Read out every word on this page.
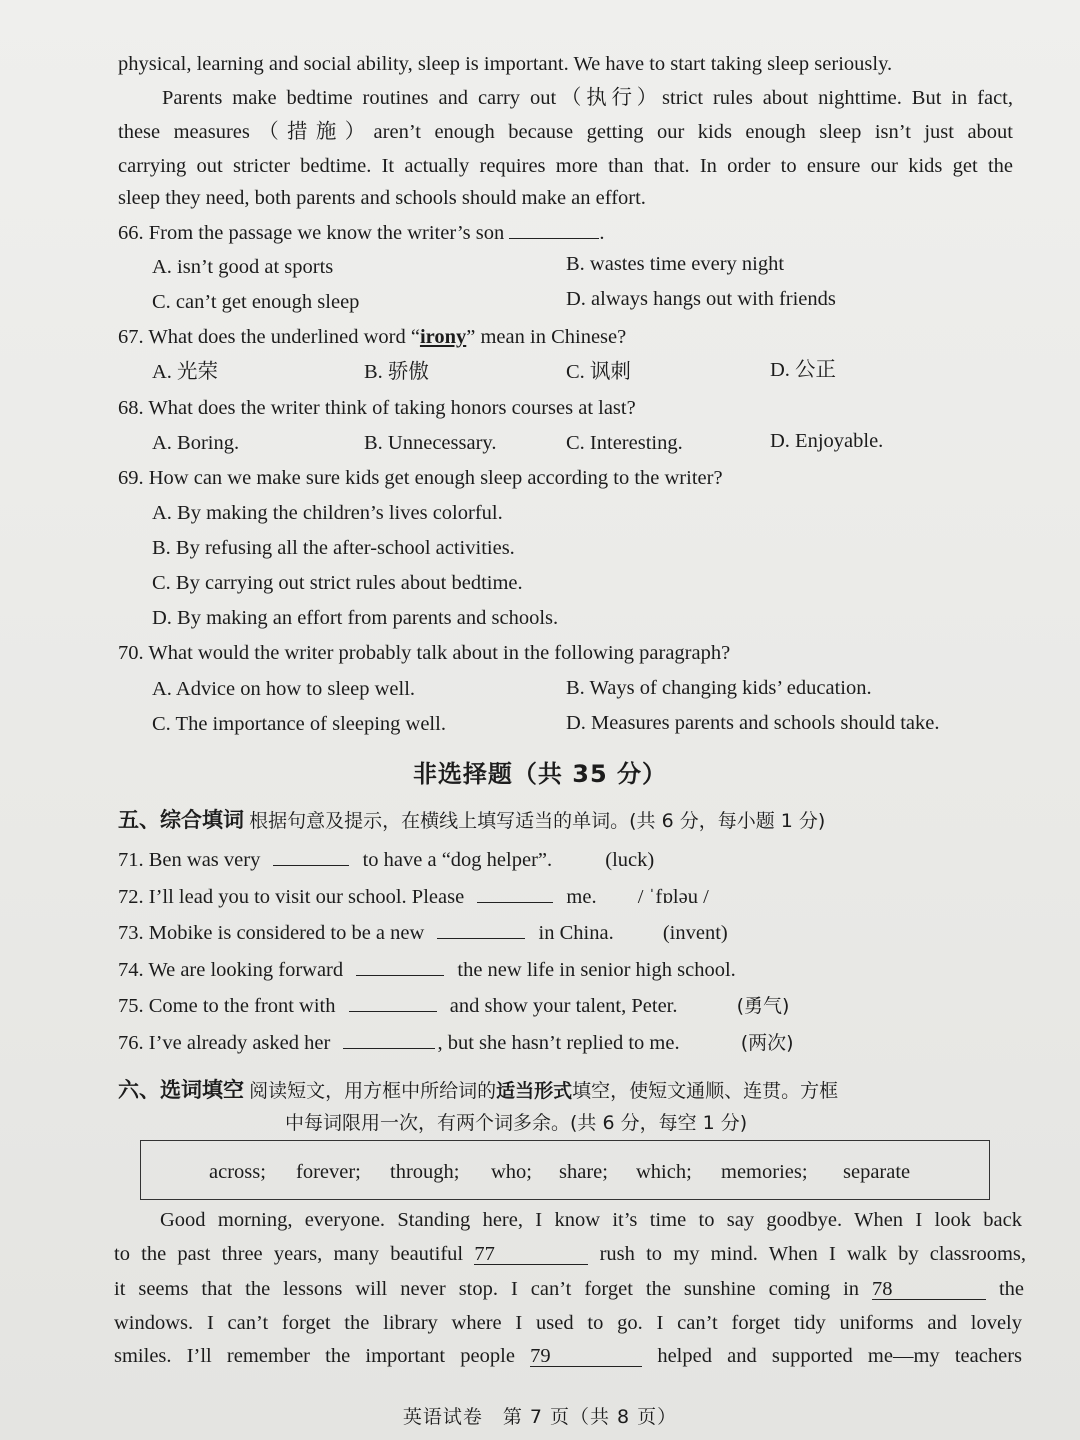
physical, learning and social ability, sleep is important. We have to start taking sleep seriously.
Parents make bedtime routines and carry out（执行）strict rules about nighttime. But in fact,
these measures（措施）aren’t enough because getting our kids enough sleep isn’t just about
carrying out stricter bedtime. It actually requires more than that. In order to ensure our kids get the
sleep they need, both parents and schools should make an effort.
66. From the passage we know the writer’s son	.
A. isn’t good at sports	B. wastes time every night
C. can’t get enough sleep	D. always hangs out with friends
67. What does the underlined word “irony” mean in Chinese?
A. 光荣	B. 骄傲	C. 讽刺	D. 公正
68. What does the writer think of taking honors courses at last?
A. Boring.	B. Unnecessary.	C. Interesting.	D. Enjoyable.
69. How can we make sure kids get enough sleep according to the writer?
A. By making the children’s lives colorful.
B. By refusing all the after-school activities.
C. By carrying out strict rules about bedtime.
D. By making an effort from parents and schools.
70. What would the writer probably talk about in the following paragraph?
A. Advice on how to sleep well.	B. Ways of changing kids’ education.
C. The importance of sleeping well.	D. Measures parents and schools should take.
非选择题（共 35 分）
五、综合填词 根据句意及提示，在横线上填写适当的单词。(共 6 分，每小题 1 分)
71. Ben was very	to have a “dog helper”.	(luck)
72. I’ll lead you to visit our school. Please	me. / ˈfɒləu /
73. Mobike is considered to be a new	in China. (invent)
74. We are looking forward	the new life in senior high school.
75. Come to the front with	and show your talent, Peter.	(勇气)
76. I’ve already asked her	, but she hasn’t replied to me.	(两次)
六、选词填空 阅读短文，用方框中所给词的适当形式填空，使短文通顺、连贯。方框
中每词限用一次，有两个词多余。(共 6 分，每空 1 分)
across; forever; through; who; share; which; memories; separate
Good morning, everyone. Standing here, I know it’s time to say goodbye. When I look back
to the past three years, many beautiful 77	rush to my mind. When I walk by classrooms,
it seems that the lessons will never stop. I can’t forget the sunshine coming in 78	the
windows. I can’t forget the library where I used to go. I can’t forget tidy uniforms and lovely
smiles. I’ll remember the important people 79	helped and supported me—my teachers
英语试卷　第 7 页（共 8 页）
